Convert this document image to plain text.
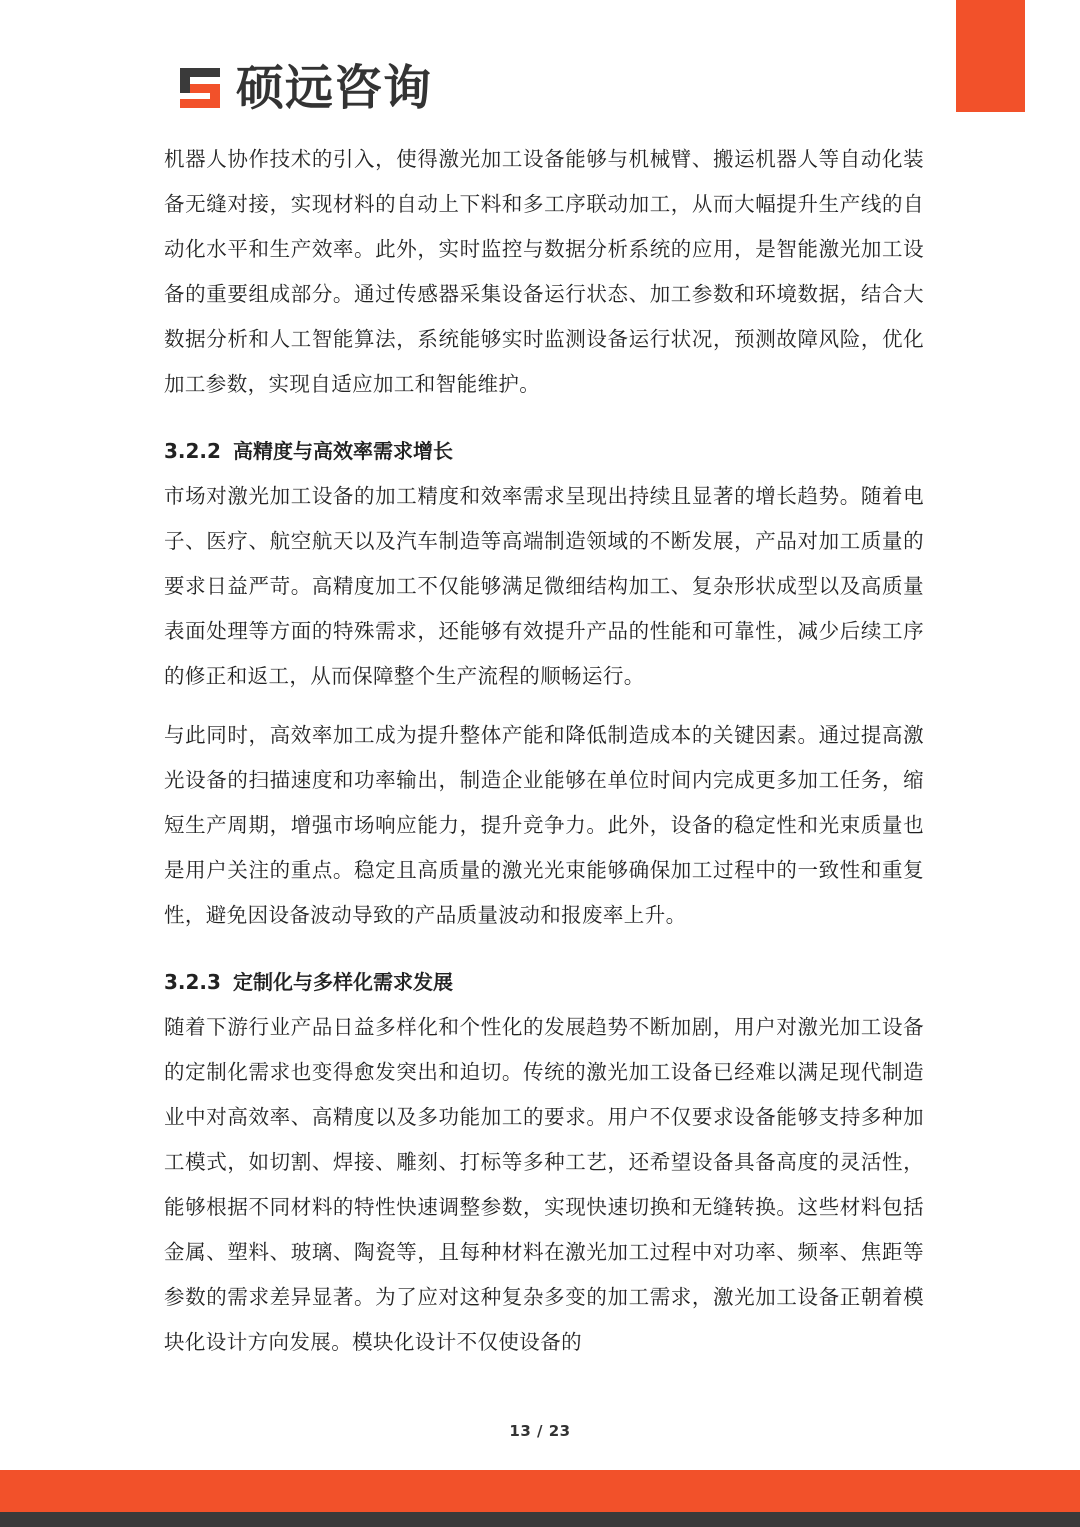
硕远咨询

机器人协作技术的引入，使得激光加工设备能够与机械臂、搬运机器人等自动化装备无缝对接，实现材料的自动上下料和多工序联动加工，从而大幅提升生产线的自动化水平和生产效率。此外，实时监控与数据分析系统的应用，是智能激光加工设备的重要组成部分。通过传感器采集设备运行状态、加工参数和环境数据，结合大数据分析和人工智能算法，系统能够实时监测设备运行状况，预测故障风险，优化加工参数，实现自适应加工和智能维护。

3.2.2 高精度与高效率需求增长

市场对激光加工设备的加工精度和效率需求呈现出持续且显著的增长趋势。随着电子、医疗、航空航天以及汽车制造等高端制造领域的不断发展，产品对加工质量的要求日益严苛。高精度加工不仅能够满足微细结构加工、复杂形状成型以及高质量表面处理等方面的特殊需求，还能够有效提升产品的性能和可靠性，减少后续工序的修正和返工，从而保障整个生产流程的顺畅运行。

与此同时，高效率加工成为提升整体产能和降低制造成本的关键因素。通过提高激光设备的扫描速度和功率输出，制造企业能够在单位时间内完成更多加工任务，缩短生产周期，增强市场响应能力，提升竞争力。此外，设备的稳定性和光束质量也是用户关注的重点。稳定且高质量的激光光束能够确保加工过程中的一致性和重复性，避免因设备波动导致的产品质量波动和报废率上升。

3.2.3 定制化与多样化需求发展

随着下游行业产品日益多样化和个性化的发展趋势不断加剧，用户对激光加工设备的定制化需求也变得愈发突出和迫切。传统的激光加工设备已经难以满足现代制造业中对高效率、高精度以及多功能加工的要求。用户不仅要求设备能够支持多种加工模式，如切割、焊接、雕刻、打标等多种工艺，还希望设备具备高度的灵活性，能够根据不同材料的特性快速调整参数，实现快速切换和无缝转换。这些材料包括金属、塑料、玻璃、陶瓷等，且每种材料在激光加工过程中对功率、频率、焦距等参数的需求差异显著。为了应对这种复杂多变的加工需求，激光加工设备正朝着模块化设计方向发展。模块化设计不仅使设备的

13 / 23
